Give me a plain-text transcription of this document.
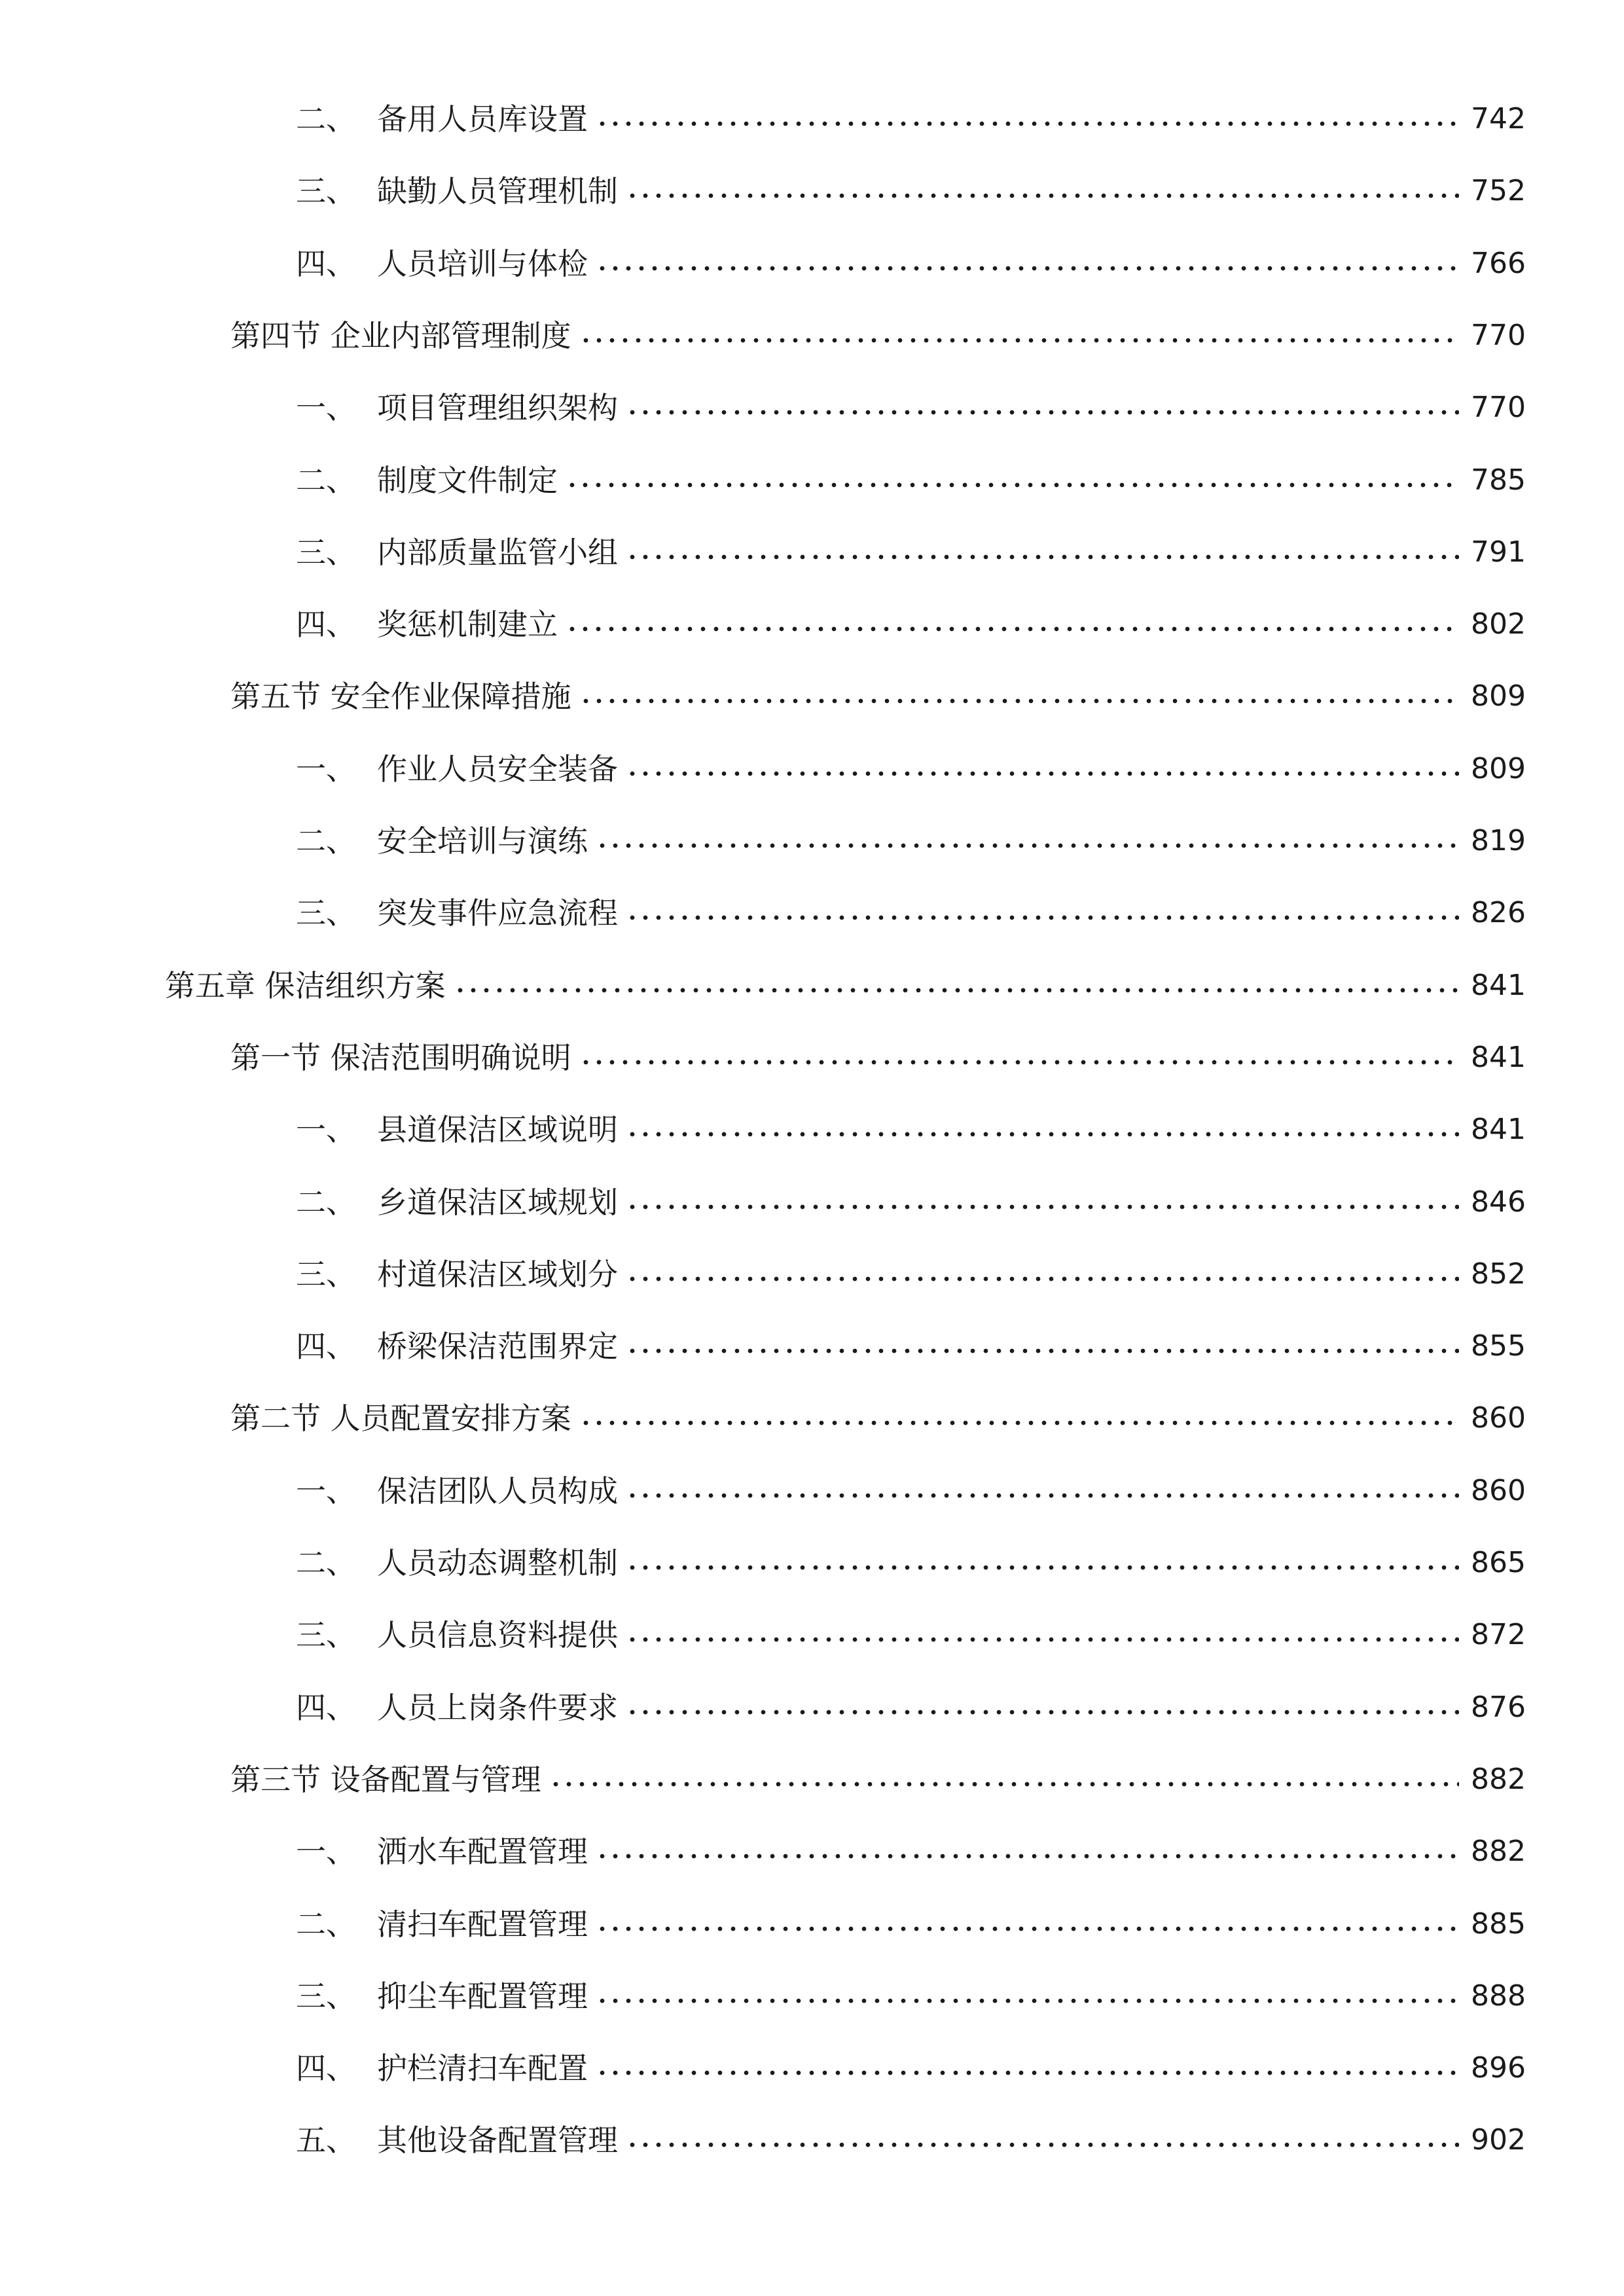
二、 备用人员库设置	742
三、 缺勤人员管理机制	752
四、 人员培训与体检	766
第四节 企业内部管理制度	770
一、 项目管理组织架构	770
二、 制度文件制定	785
三、 内部质量监管小组	791
四、 奖惩机制建立	802
第五节 安全作业保障措施	809
一、 作业人员安全装备	809
二、 安全培训与演练	819
三、 突发事件应急流程	826
第五章 保洁组织方案	841
第一节 保洁范围明确说明	841
一、 县道保洁区域说明	841
二、 乡道保洁区域规划	846
三、 村道保洁区域划分	852
四、 桥梁保洁范围界定	855
第二节 人员配置安排方案	860
一、 保洁团队人员构成	860
二、 人员动态调整机制	865
三、 人员信息资料提供	872
四、 人员上岗条件要求	876
第三节 设备配置与管理	882
一、 洒水车配置管理	882
二、 清扫车配置管理	885
三、 抑尘车配置管理	888
四、 护栏清扫车配置	896
五、 其他设备配置管理	902
